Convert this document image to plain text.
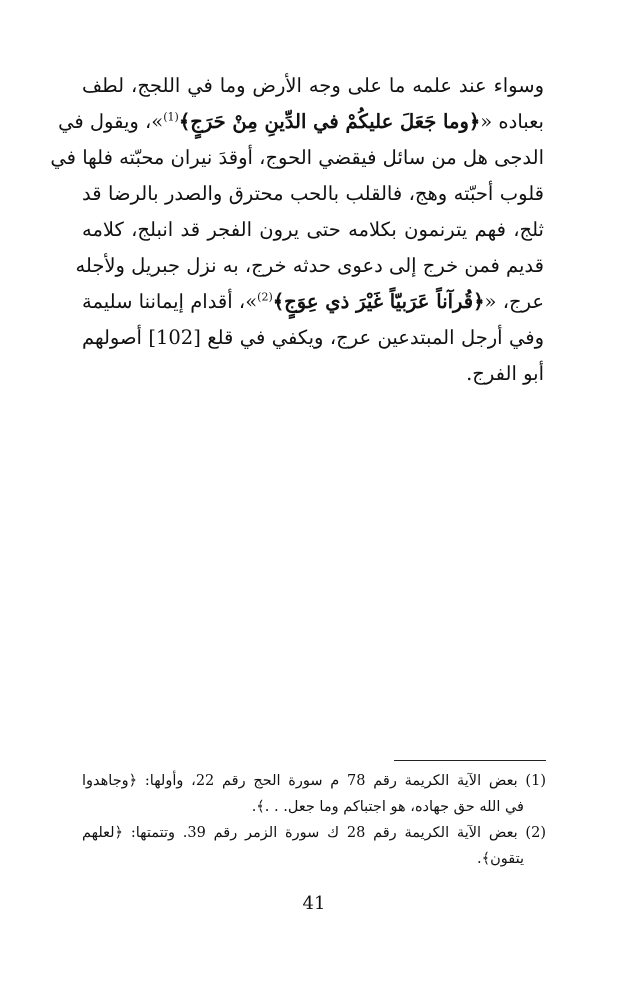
وسواء عند علمه ما على وجه الأرض وما في اللجج، لطف
بعباده «﴿وما جَعَلَ عليكُمْ في الدِّينِ مِنْ حَرَجٍ﴾$^{(1)}$»، ويقول في
الدجى هل من سائل فيقضي الحوج، أوقدَ نيران محبّته فلها في
قلوب أحبّته وهج، فالقلب بالحب محترق والصدر بالرضا قد
ثلج، فهم يترنمون بكلامه حتى يرون الفجر قد انبلج، كلامه
قديم فمن خرج إلى دعوى حدثه خرج، به نزل جبريل ولأجله
عرج، «﴿قُرآناً عَرَبيّاً غَيْرَ ذي عِوَجٍ﴾$^{(2)}$»، أقدام إيماننا سليمة
وفي أرجل المبتدعين عرج، ويكفي في قلع [102] أصولهم
أبو الفرج.
(1) بعض الآية الكريمة رقم 78 م سورة الحج رقم 22، وأولها: ﴿وجاهدوا
في الله حق جهاده، هو اجتباكم وما جعل. . .﴾.
(2) بعض الآية الكريمة رقم 28 ك سورة الزمر رقم 39. وتتمتها: ﴿لعلهم
يتقون﴾.
41
